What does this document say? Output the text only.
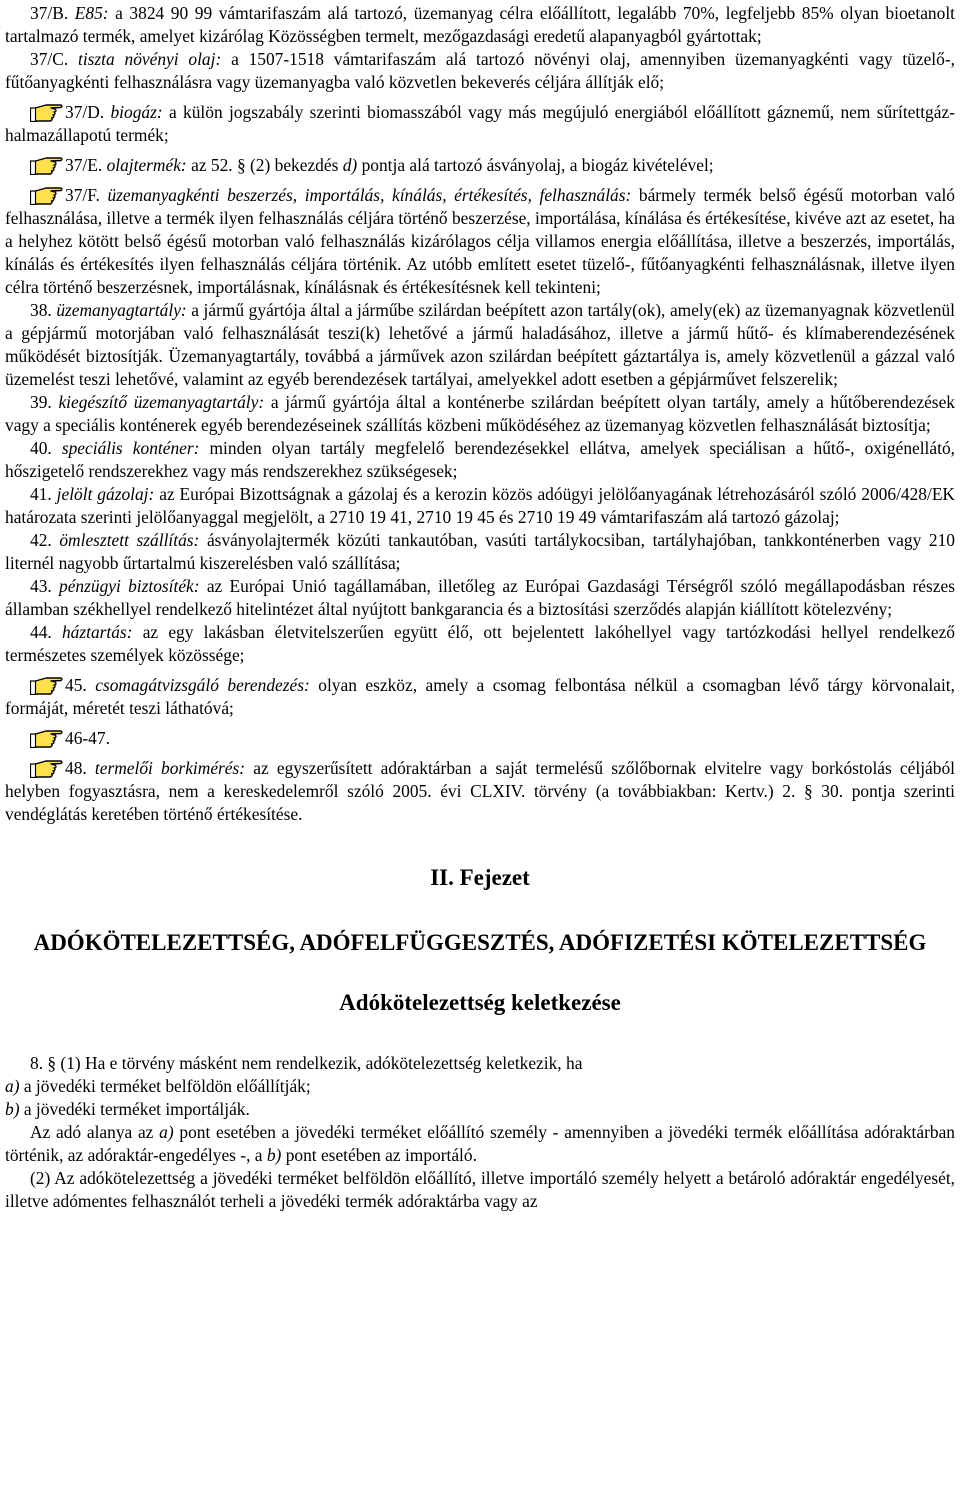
37/B. E85: a 3824 90 99 vámtarifaszám alá tartozó, üzemanyag célra előállított, legalább 70%, legfeljebb 85% olyan bioetanolt tartalmazó termék, amelyet kizárólag Közösségben termelt, mezőgazdasági eredetű alapanyagból gyártottak;

37/C. tiszta növényi olaj: a 1507-1518 vámtarifaszám alá tartozó növényi olaj, amennyiben üzemanyagkénti vagy tüzelő-, fűtőanyagkénti felhasználásra vagy üzemanyagba való közvetlen bekeverés céljára állítják elő;

37/D. biogáz: a külön jogszabály szerinti biomasszából vagy más megújuló energiából előállított gáznemű, nem sűrítettgáz-halmazállapotú termék;

37/E. olajtermék: az 52. § (2) bekezdés d) pontja alá tartozó ásványolaj, a biogáz kivételével;

37/F. üzemanyagkénti beszerzés, importálás, kínálás, értékesítés, felhasználás: bármely termék belső égésű motorban való felhasználása, illetve a termék ilyen felhasználás céljára történő beszerzése, importálása, kínálása és értékesítése, kivéve azt az esetet, ha a helyhez kötött belső égésű motorban való felhasználás kizárólagos célja villamos energia előállítása, illetve a beszerzés, importálás, kínálás és értékesítés ilyen felhasználás céljára történik. Az utóbb említett esetet tüzelő-, fűtőanyagkénti felhasználásnak, illetve ilyen célra történő beszerzésnek, importálásnak, kínálásnak és értékesítésnek kell tekinteni;

38. üzemanyagtartály: a jármű gyártója által a járműbe szilárdan beépített azon tartály(ok), amely(ek) az üzemanyagnak közvetlenül a gépjármű motorjában való felhasználását teszi(k) lehetővé a jármű haladásához, illetve a jármű hűtő- és klímaberendezésének működését biztosítják. Üzemanyagtartály, továbbá a járművek azon szilárdan beépített gáztartálya is, amely közvetlenül a gázzal való üzemelést teszi lehetővé, valamint az egyéb berendezések tartályai, amelyekkel adott esetben a gépjárművet felszerelik;

39. kiegészítő üzemanyagtartály: a jármű gyártója által a konténerbe szilárdan beépített olyan tartály, amely a hűtőberendezések vagy a speciális konténerek egyéb berendezéseinek szállítás közbeni működéséhez az üzemanyag közvetlen felhasználását biztosítja;

40. speciális konténer: minden olyan tartály megfelelő berendezésekkel ellátva, amelyek speciálisan a hűtő-, oxigénellátó, hőszigetelő rendszerekhez vagy más rendszerekhez szükségesek;

41. jelölt gázolaj: az Európai Bizottságnak a gázolaj és a kerozin közös adóügyi jelölőanyagának létrehozásáról szóló 2006/428/EK határozata szerinti jelölőanyaggal megjelölt, a 2710 19 41, 2710 19 45 és 2710 19 49 vámtarifaszám alá tartozó gázolaj;

42. ömlesztett szállítás: ásványolajtermék közúti tankautóban, vasúti tartálykocsiban, tartályhajóban, tankkonténerben vagy 210 liternél nagyobb űrtartalmú kiszerelésben való szállítása;

43. pénzügyi biztosíték: az Európai Unió tagállamában, illetőleg az Európai Gazdasági Térségről szóló megállapodásban részes államban székhellyel rendelkező hitelintézet által nyújtott bankgarancia és a biztosítási szerződés alapján kiállított kötelezvény;

44. háztartás: az egy lakásban életvitelszerűen együtt élő, ott bejelentett lakóhellyel vagy tartózkodási hellyel rendelkező természetes személyek közössége;

45. csomagátvizsgáló berendezés: olyan eszköz, amely a csomag felbontása nélkül a csomagban lévő tárgy körvonalait, formáját, méretét teszi láthatóvá;

46-47.

48. termelői borkimérés: az egyszerűsített adóraktárban a saját termelésű szőlőbornak elvitelre vagy borkóstolás céljából helyben fogyasztásra, nem a kereskedelemről szóló 2005. évi CLXIV. törvény (a továbbiakban: Kertv.) 2. § 30. pontja szerinti vendéglátás keretében történő értékesítése.

II. Fejezet
ADÓKÖTELEZETTSÉG, ADÓFELFÜGGESZTÉS, ADÓFIZETÉSI KÖTELEZETTSÉG
Adókötelezettség keletkezése

8. § (1) Ha e törvény másként nem rendelkezik, adókötelezettség keletkezik, ha

a) a jövedéki terméket belföldön előállítják;

b) a jövedéki terméket importálják.

Az adó alanya az a) pont esetében a jövedéki terméket előállító személy - amennyiben a jövedéki termék előállítása adóraktárban történik, az adóraktár-engedélyes -, a b) pont esetében az importáló.

(2) Az adókötelezettség a jövedéki terméket belföldön előállító, illetve importáló személy helyett a betároló adóraktár engedélyesét, illetve adómentes felhasználót terheli a jövedéki termék adóraktárba vagy az
